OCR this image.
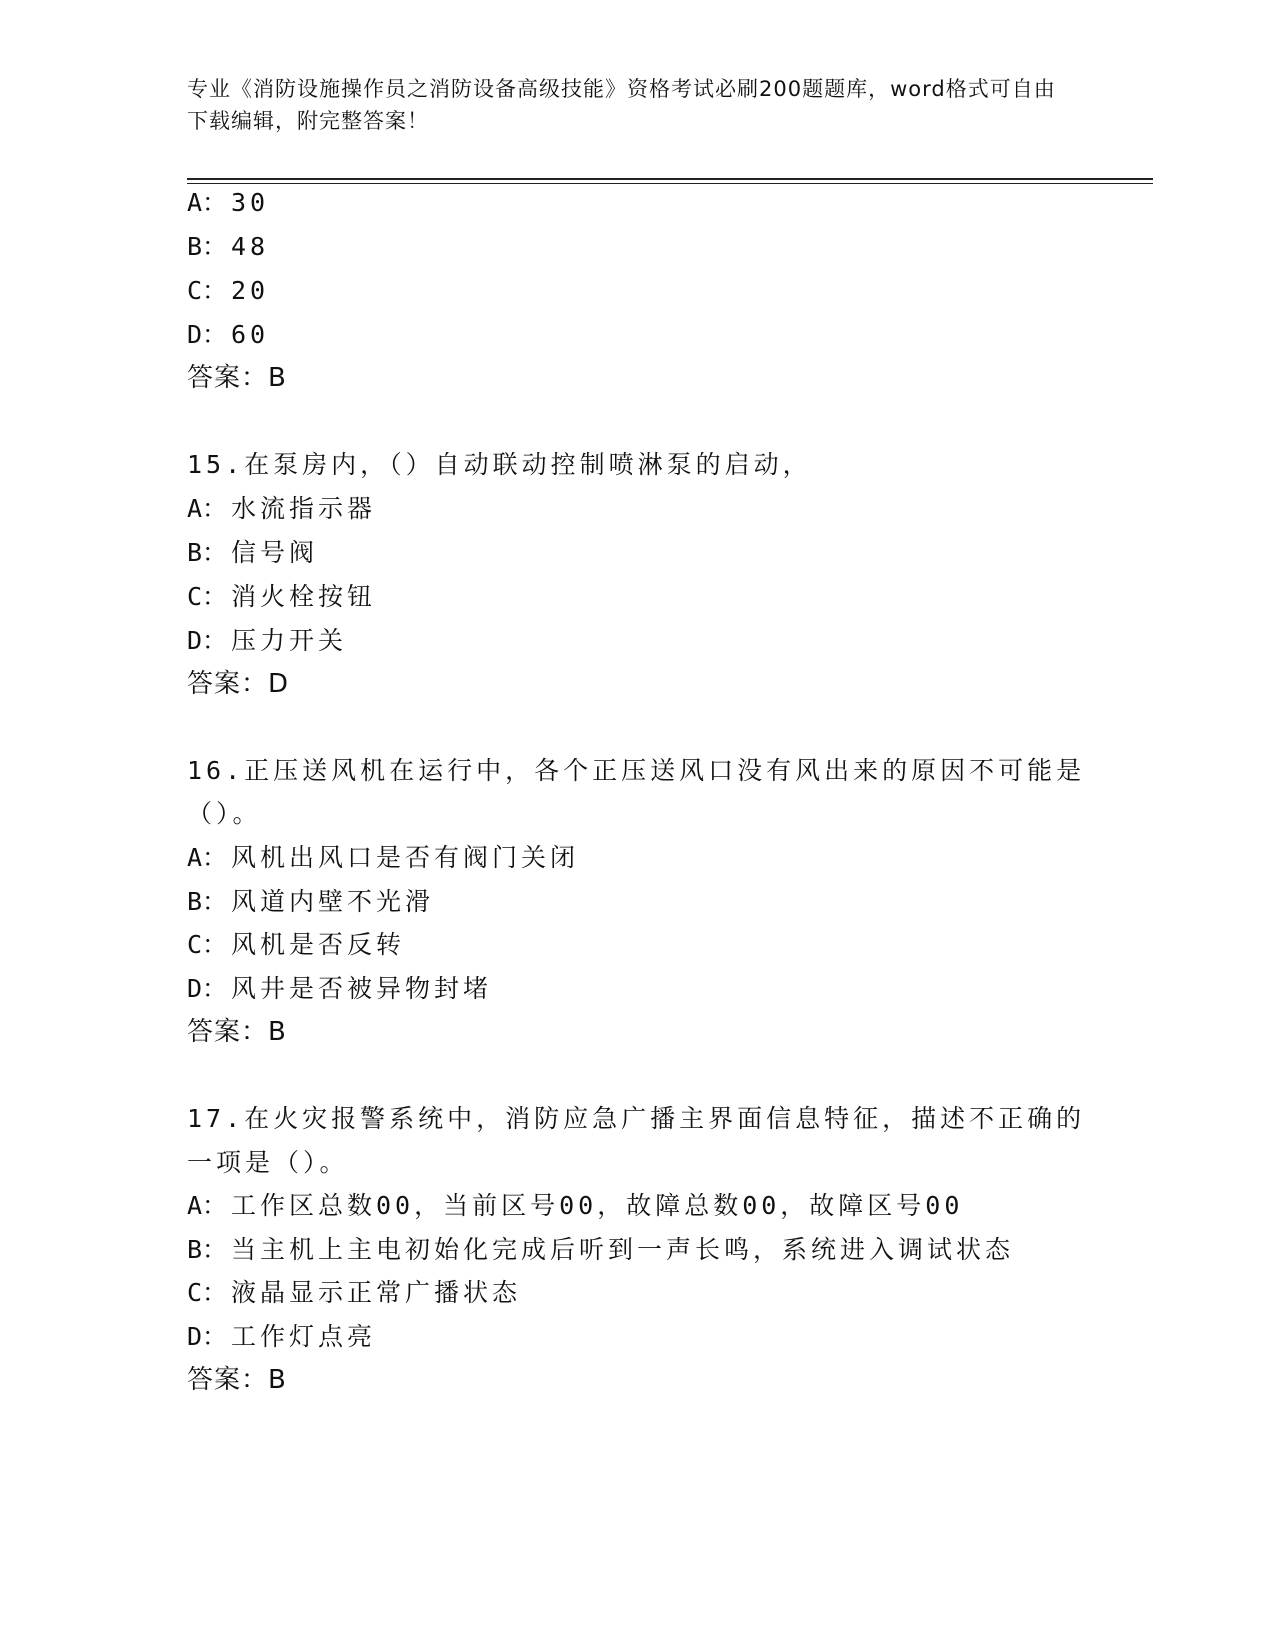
专业《消防设施操作员之消防设备高级技能》资格考试必刷200题题库，word格式可自由下载编辑，附完整答案！
A： 30
B： 48
C： 20
D： 60
答案：B
15.在泵房内，（）自动联动控制喷淋泵的启动，
A： 水流指示器
B： 信号阀
C： 消火栓按钮
D： 压力开关
答案：D
16.正压送风机在运行中，各个正压送风口没有风出来的原因不可能是
（）。
A： 风机出风口是否有阀门关闭
B： 风道内壁不光滑
C： 风机是否反转
D： 风井是否被异物封堵
答案：B
17.在火灾报警系统中，消防应急广播主界面信息特征，描述不正确的
一项是（）。
A： 工作区总数00，当前区号00，故障总数00，故障区号00
B： 当主机上主电初始化完成后听到一声长鸣，系统进入调试状态
C： 液晶显示正常广播状态
D： 工作灯点亮
答案：B
